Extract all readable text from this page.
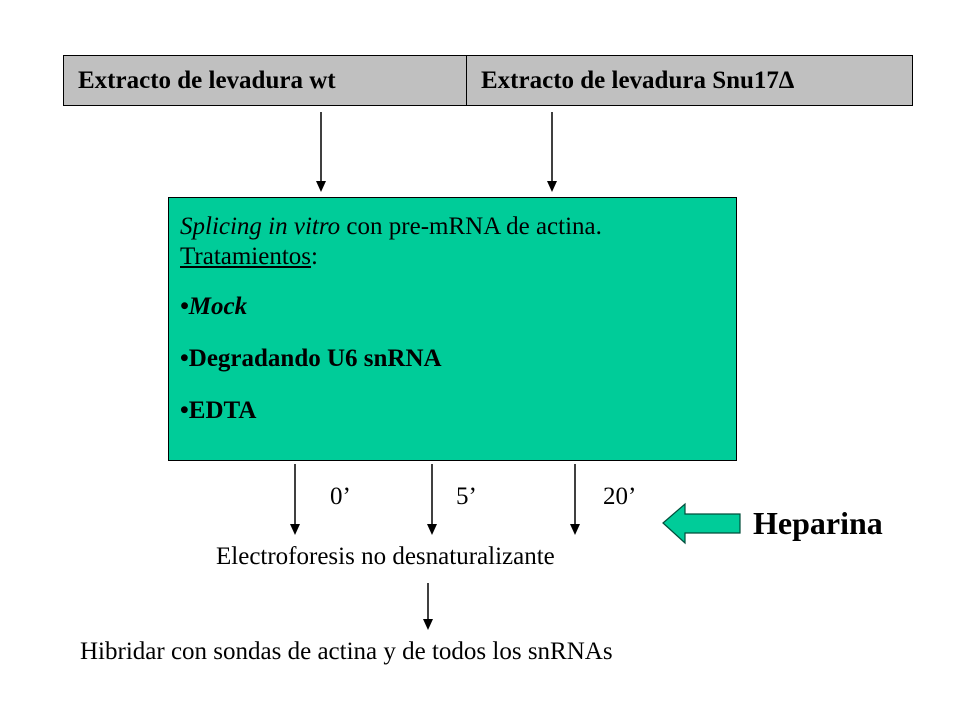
Extracto de levadura wt	Extracto de levadura Snu17∆
Splicing in vitro con pre-mRNA de actina.
Tratamientos:
•Mock
•Degradando U6 snRNA
•EDTA
0’	5’	20’
Heparina
Electroforesis no desnaturalizante
Hibridar con sondas de actina y de todos los snRNAs
